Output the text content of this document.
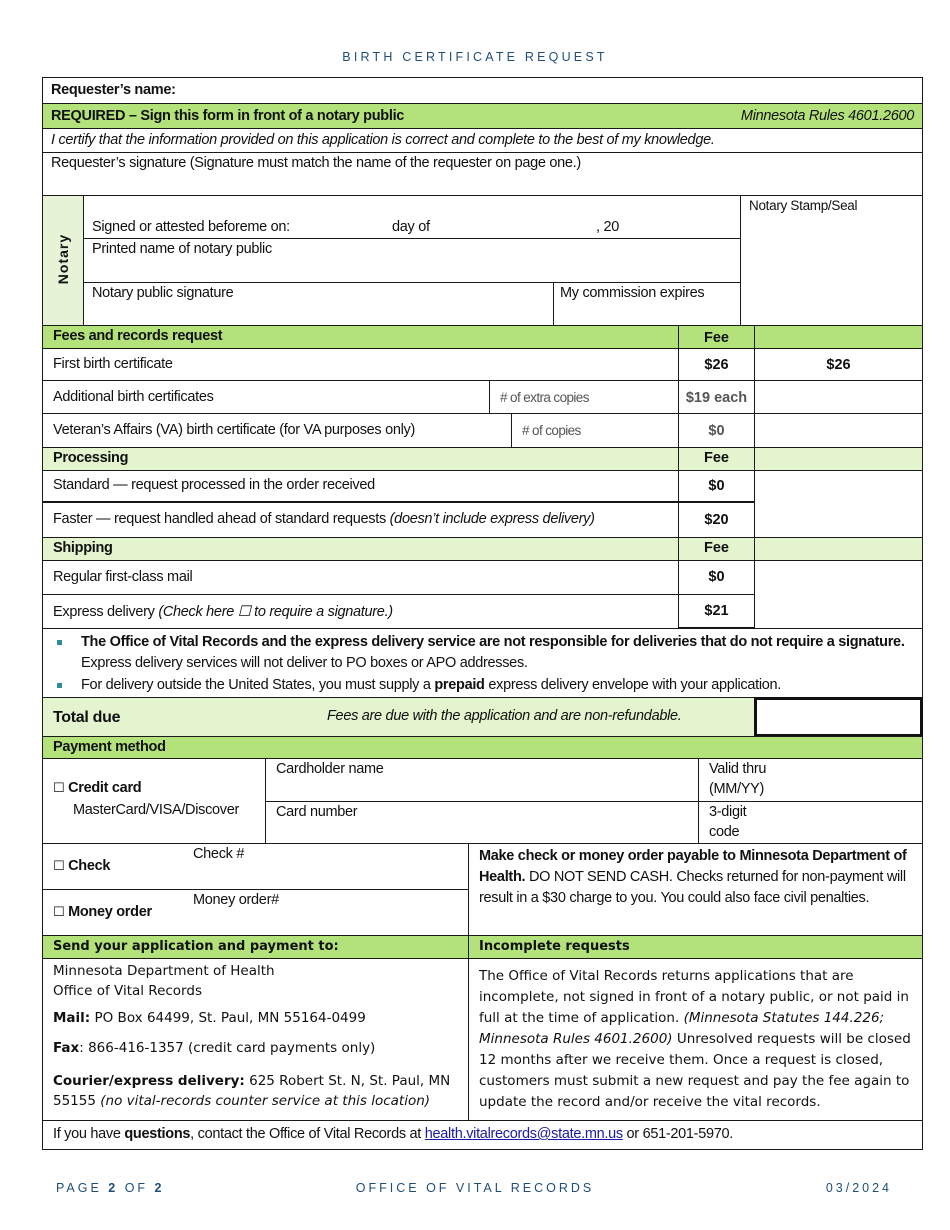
BIRTH CERTIFICATE REQUEST
Requester’s name:
REQUIRED – Sign this form in front of a notary public	Minnesota Rules 4601.2600
I certify that the information provided on this application is correct and complete to the best of my knowledge.
Requester’s signature (Signature must match the name of the requester on page one.)
Notary
Signed or attested beforeme on:	day of	, 20
Printed name of notary public
Notary public signature	My commission expires
Notary Stamp/Seal
Fees and records request	Fee
First birth certificate	$26	$26
Additional birth certificates	# of extra copies	$19 each
Veteran’s Affairs (VA) birth certificate (for VA purposes only)	# of copies	$0
Processing	Fee
Standard — request processed in the order received	$0
Faster — request handled ahead of standard requests (doesn’t include express delivery)	$20
Shipping	Fee
Regular first-class mail	$0
Express delivery (Check here ☐ to require a signature.)	$21
The Office of Vital Records and the express delivery service are not responsible for deliveries that do not require a signature. Express delivery services will not deliver to PO boxes or APO addresses.
For delivery outside the United States, you must supply a prepaid express delivery envelope with your application.
Total due	Fees are due with the application and are non-refundable.
Payment method
☐ Credit card
MasterCard/VISA/Discover
Cardholder name	Valid thru
(MM/YY)
Card number	3-digit
code
☐ Check
Check #
☐ Money order
Money order#
Make check or money order payable to Minnesota Department of Health. DO NOT SEND CASH. Checks returned for non-payment will result in a $30 charge to you. You could also face civil penalties.
Send your application and payment to:	Incomplete requests
Minnesota Department of Health
Office of Vital Records
Mail: PO Box 64499, St. Paul, MN 55164-0499
Fax: 866-416-1357 (credit card payments only)
Courier/express delivery: 625 Robert St. N, St. Paul, MN 55155 (no vital-records counter service at this location)
The Office of Vital Records returns applications that are incomplete, not signed in front of a notary public, or not paid in full at the time of application. (Minnesota Statutes 144.226; Minnesota Rules 4601.2600) Unresolved requests will be closed 12 months after we receive them. Once a request is closed, customers must submit a new request and pay the fee again to update the record and/or receive the vital records.
If you have questions, contact the Office of Vital Records at health.vitalrecords@state.mn.us or 651-201-5970.
PAGE 2 OF 2	OFFICE OF VITAL RECORDS	03/2024
